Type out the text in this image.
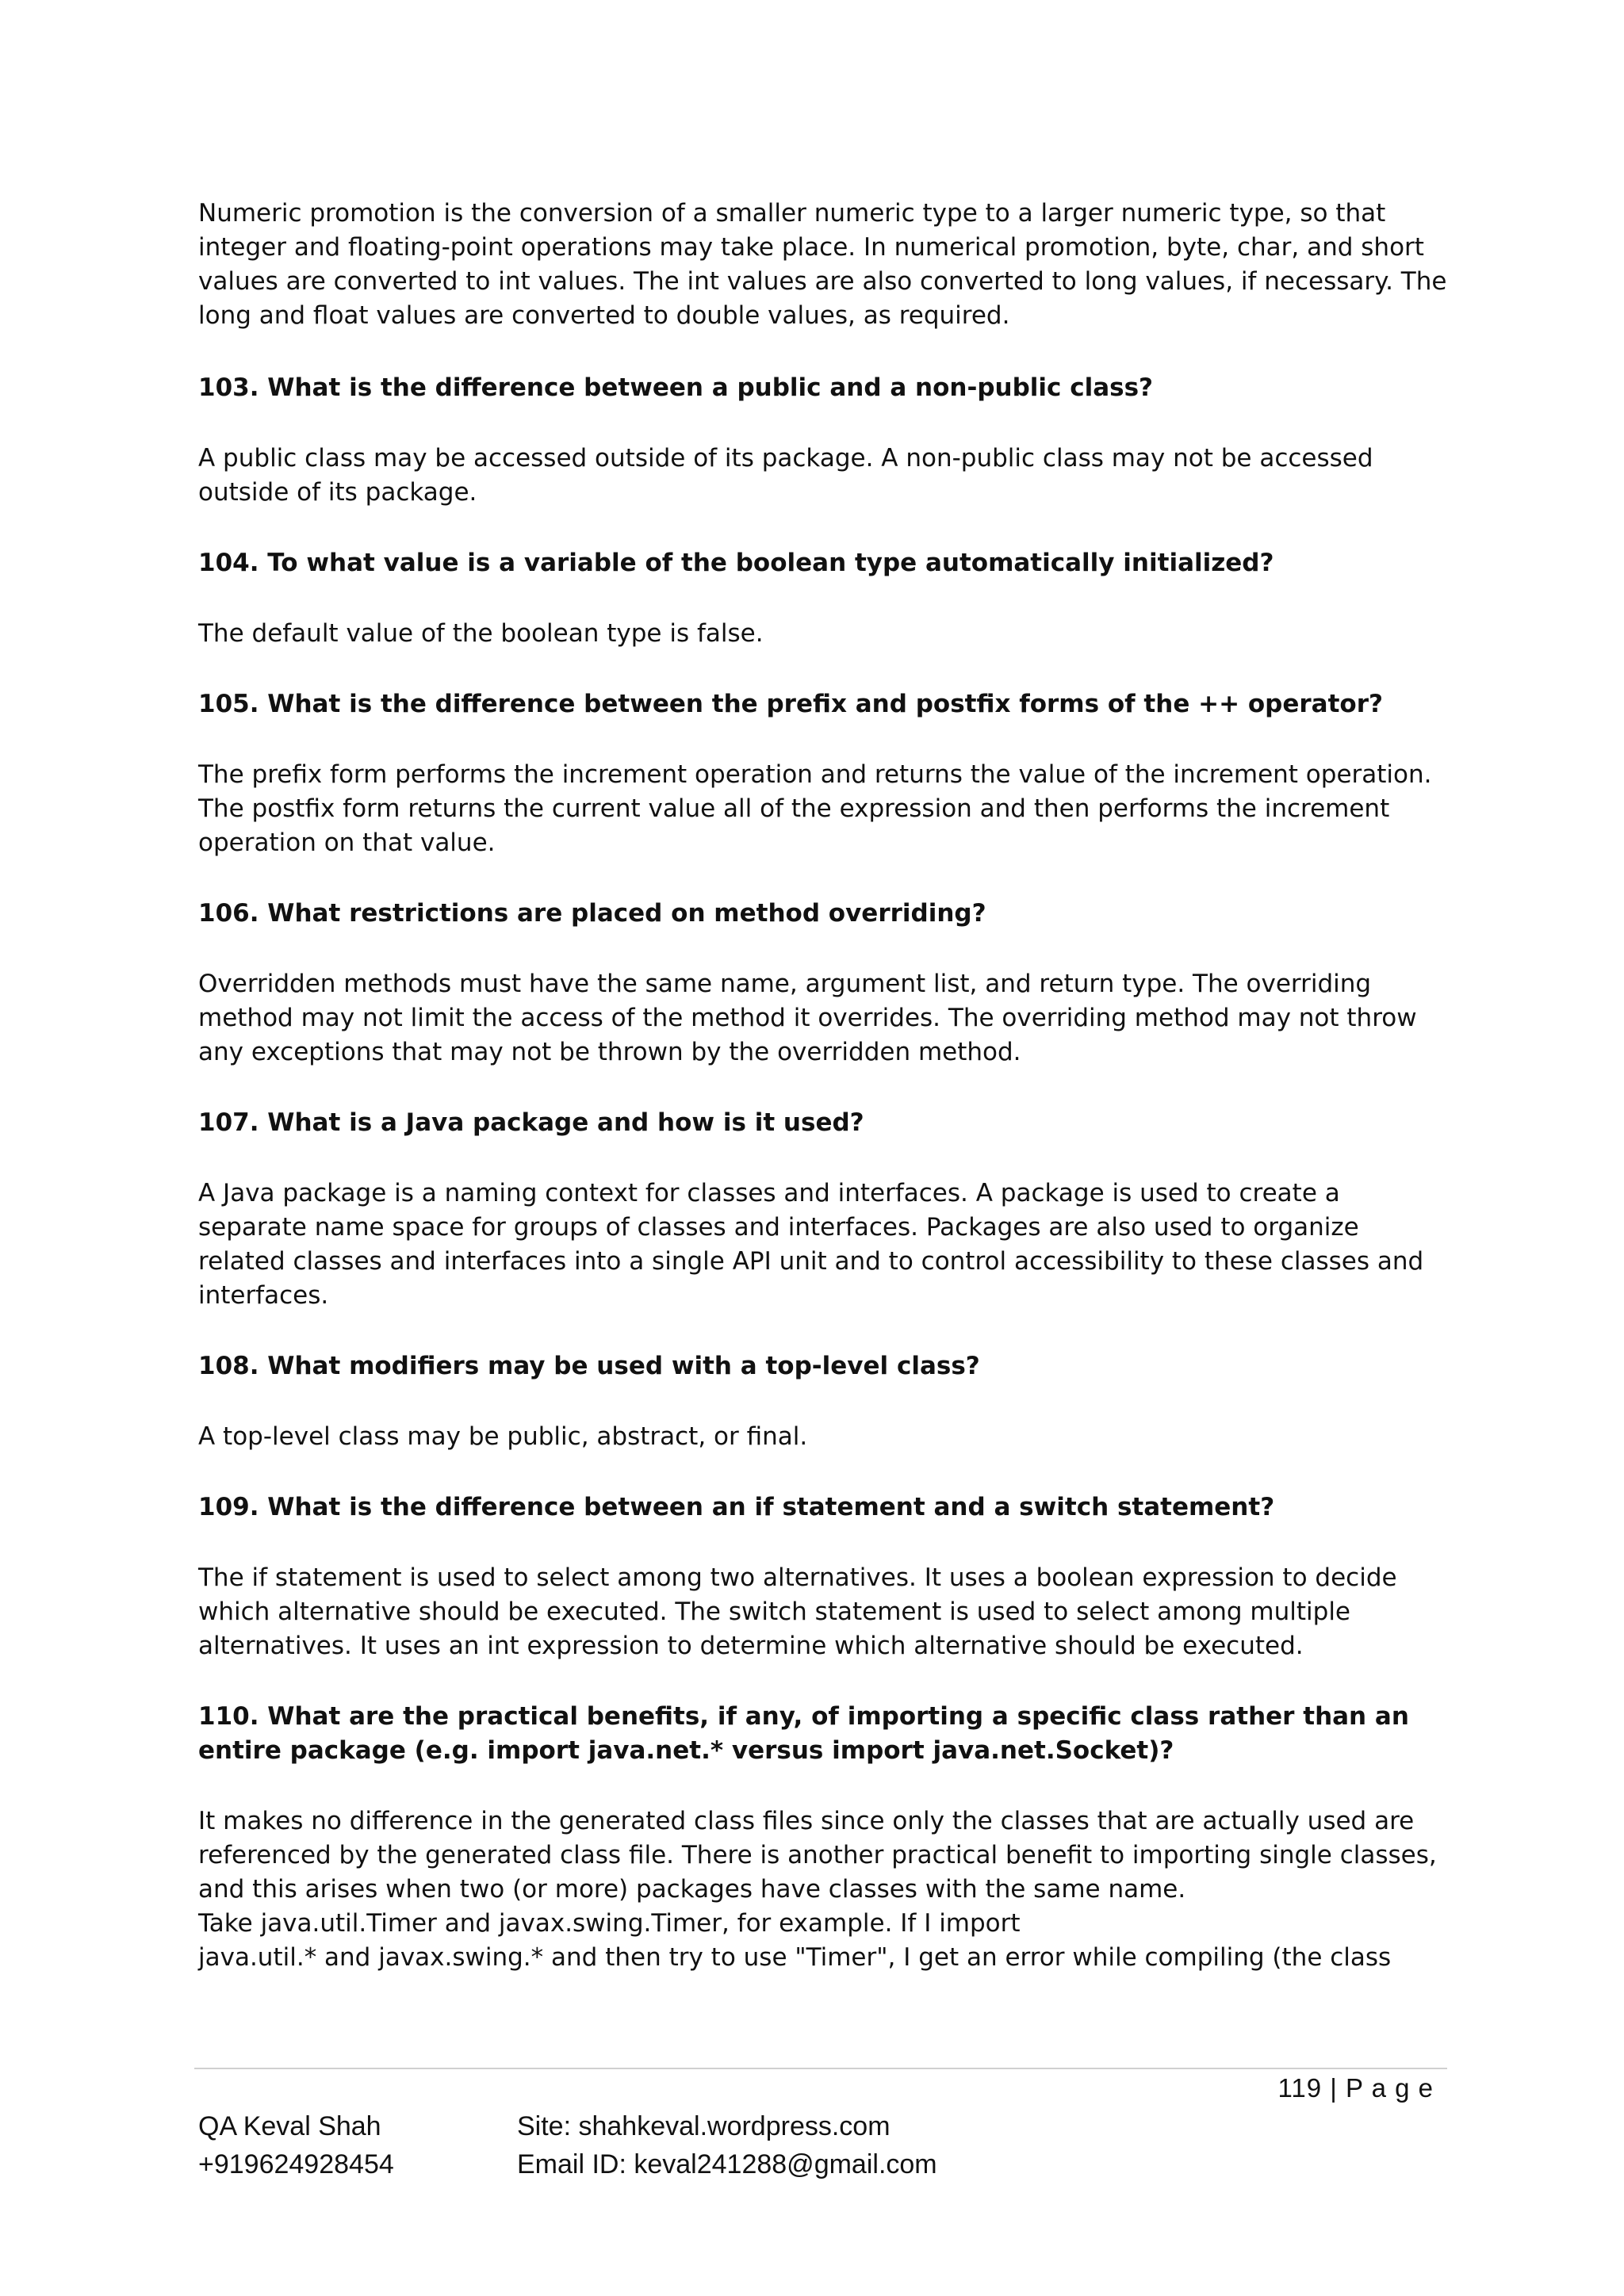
Numeric promotion is the conversion of a smaller numeric type to a larger numeric type, so that integer and floating-point operations may take place. In numerical promotion, byte, char, and short values are converted to int values. The int values are also converted to long values, if necessary. The long and float values are converted to double values, as required.

103. What is the difference between a public and a non-public class?

A public class may be accessed outside of its package. A non-public class may not be accessed outside of its package.

104. To what value is a variable of the boolean type automatically initialized?

The default value of the boolean type is false.

105. What is the difference between the prefix and postfix forms of the ++ operator?

The prefix form performs the increment operation and returns the value of the increment operation. The postfix form returns the current value all of the expression and then performs the increment operation on that value.

106. What restrictions are placed on method overriding?

Overridden methods must have the same name, argument list, and return type. The overriding method may not limit the access of the method it overrides. The overriding method may not throw any exceptions that may not be thrown by the overridden method.

107. What is a Java package and how is it used?

A Java package is a naming context for classes and interfaces. A package is used to create a separate name space for groups of classes and interfaces. Packages are also used to organize related classes and interfaces into a single API unit and to control accessibility to these classes and interfaces.

108. What modifiers may be used with a top-level class?

A top-level class may be public, abstract, or final.

109. What is the difference between an if statement and a switch statement?

The if statement is used to select among two alternatives. It uses a boolean expression to decide which alternative should be executed. The switch statement is used to select among multiple alternatives. It uses an int expression to determine which alternative should be executed.

110. What are the practical benefits, if any, of importing a specific class rather than an entire package (e.g. import java.net.* versus import java.net.Socket)?

It makes no difference in the generated class files since only the classes that are actually used are referenced by the generated class file. There is another practical benefit to importing single classes, and this arises when two (or more) packages have classes with the same name.

Take java.util.Timer and javax.swing.Timer, for example. If I import

java.util.* and javax.swing.* and then try to use "Timer", I get an error while compiling (the class

119 | P a g e
QA Keval Shah
+919624928454
Site: shahkeval.wordpress.com
Email ID: keval241288@gmail.com
